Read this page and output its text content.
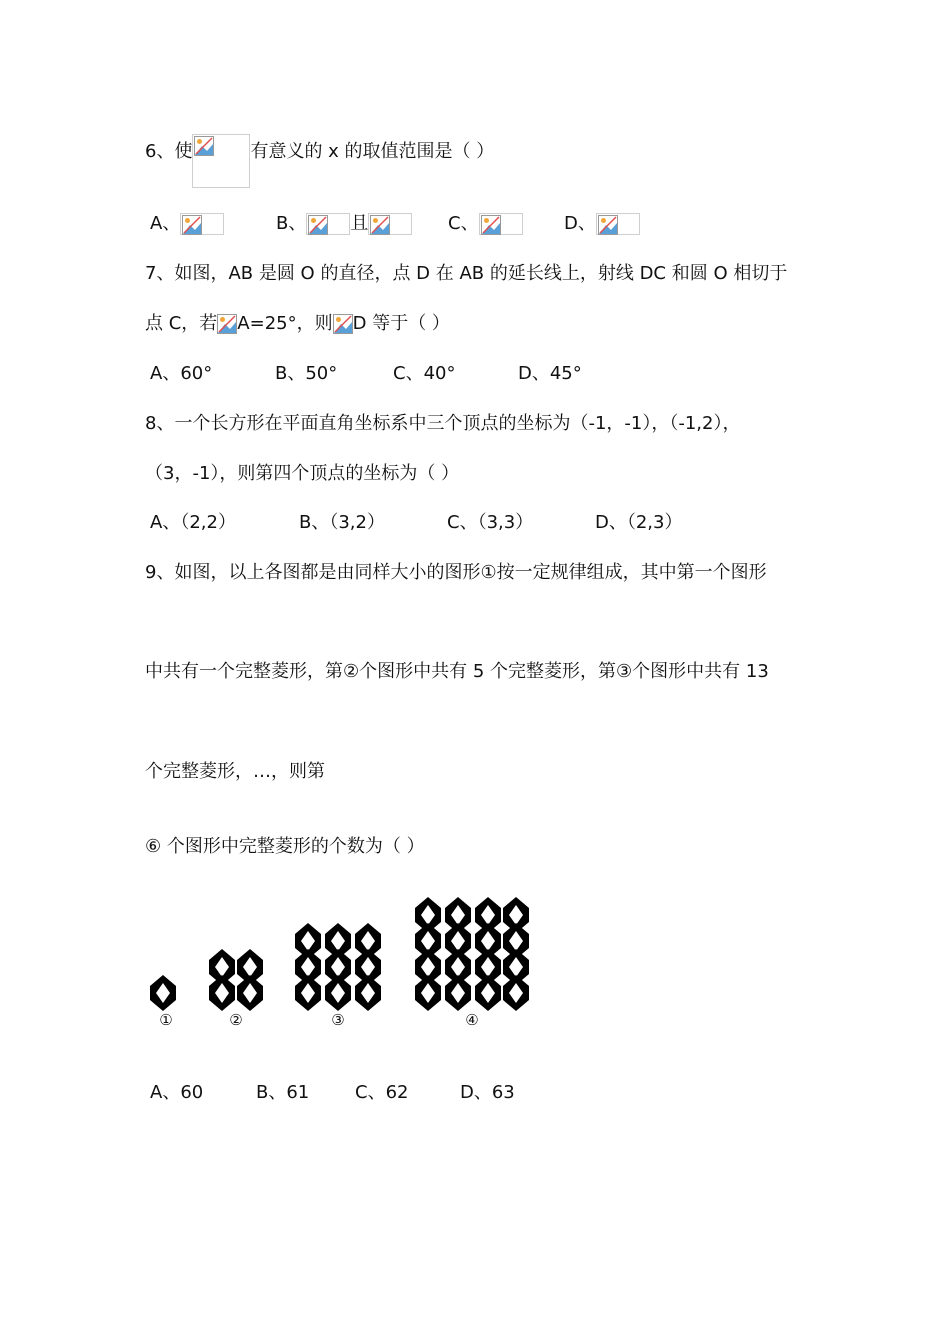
6、使	有意义的 x 的取值范围是（ ）
A、	B、 且	C、	D、
7、如图，AB 是圆 O 的直径，点 D 在 AB 的延长线上，射线 DC 和圆 O 相切于
点 C，若 A=25°，则 D 等于（ ）
A、60°	B、50°	C、40°	D、45°
8、一个长方形在平面直角坐标系中三个顶点的坐标为（-1，-1），（-1,2），
（3，-1），则第四个顶点的坐标为（ ）
A、（2,2）	B、（3,2）	C、（3,3）	D、（2,3）
9、如图，以上各图都是由同样大小的图形①按一定规律组成，其中第一个图形
中共有一个完整菱形，第②个图形中共有 5 个完整菱形，第③个图形中共有 13
个完整菱形，…，则第
⑥ 个图形中完整菱形的个数为（ ）
①	②	③	④
A、60	B、61	C、62	D、63
